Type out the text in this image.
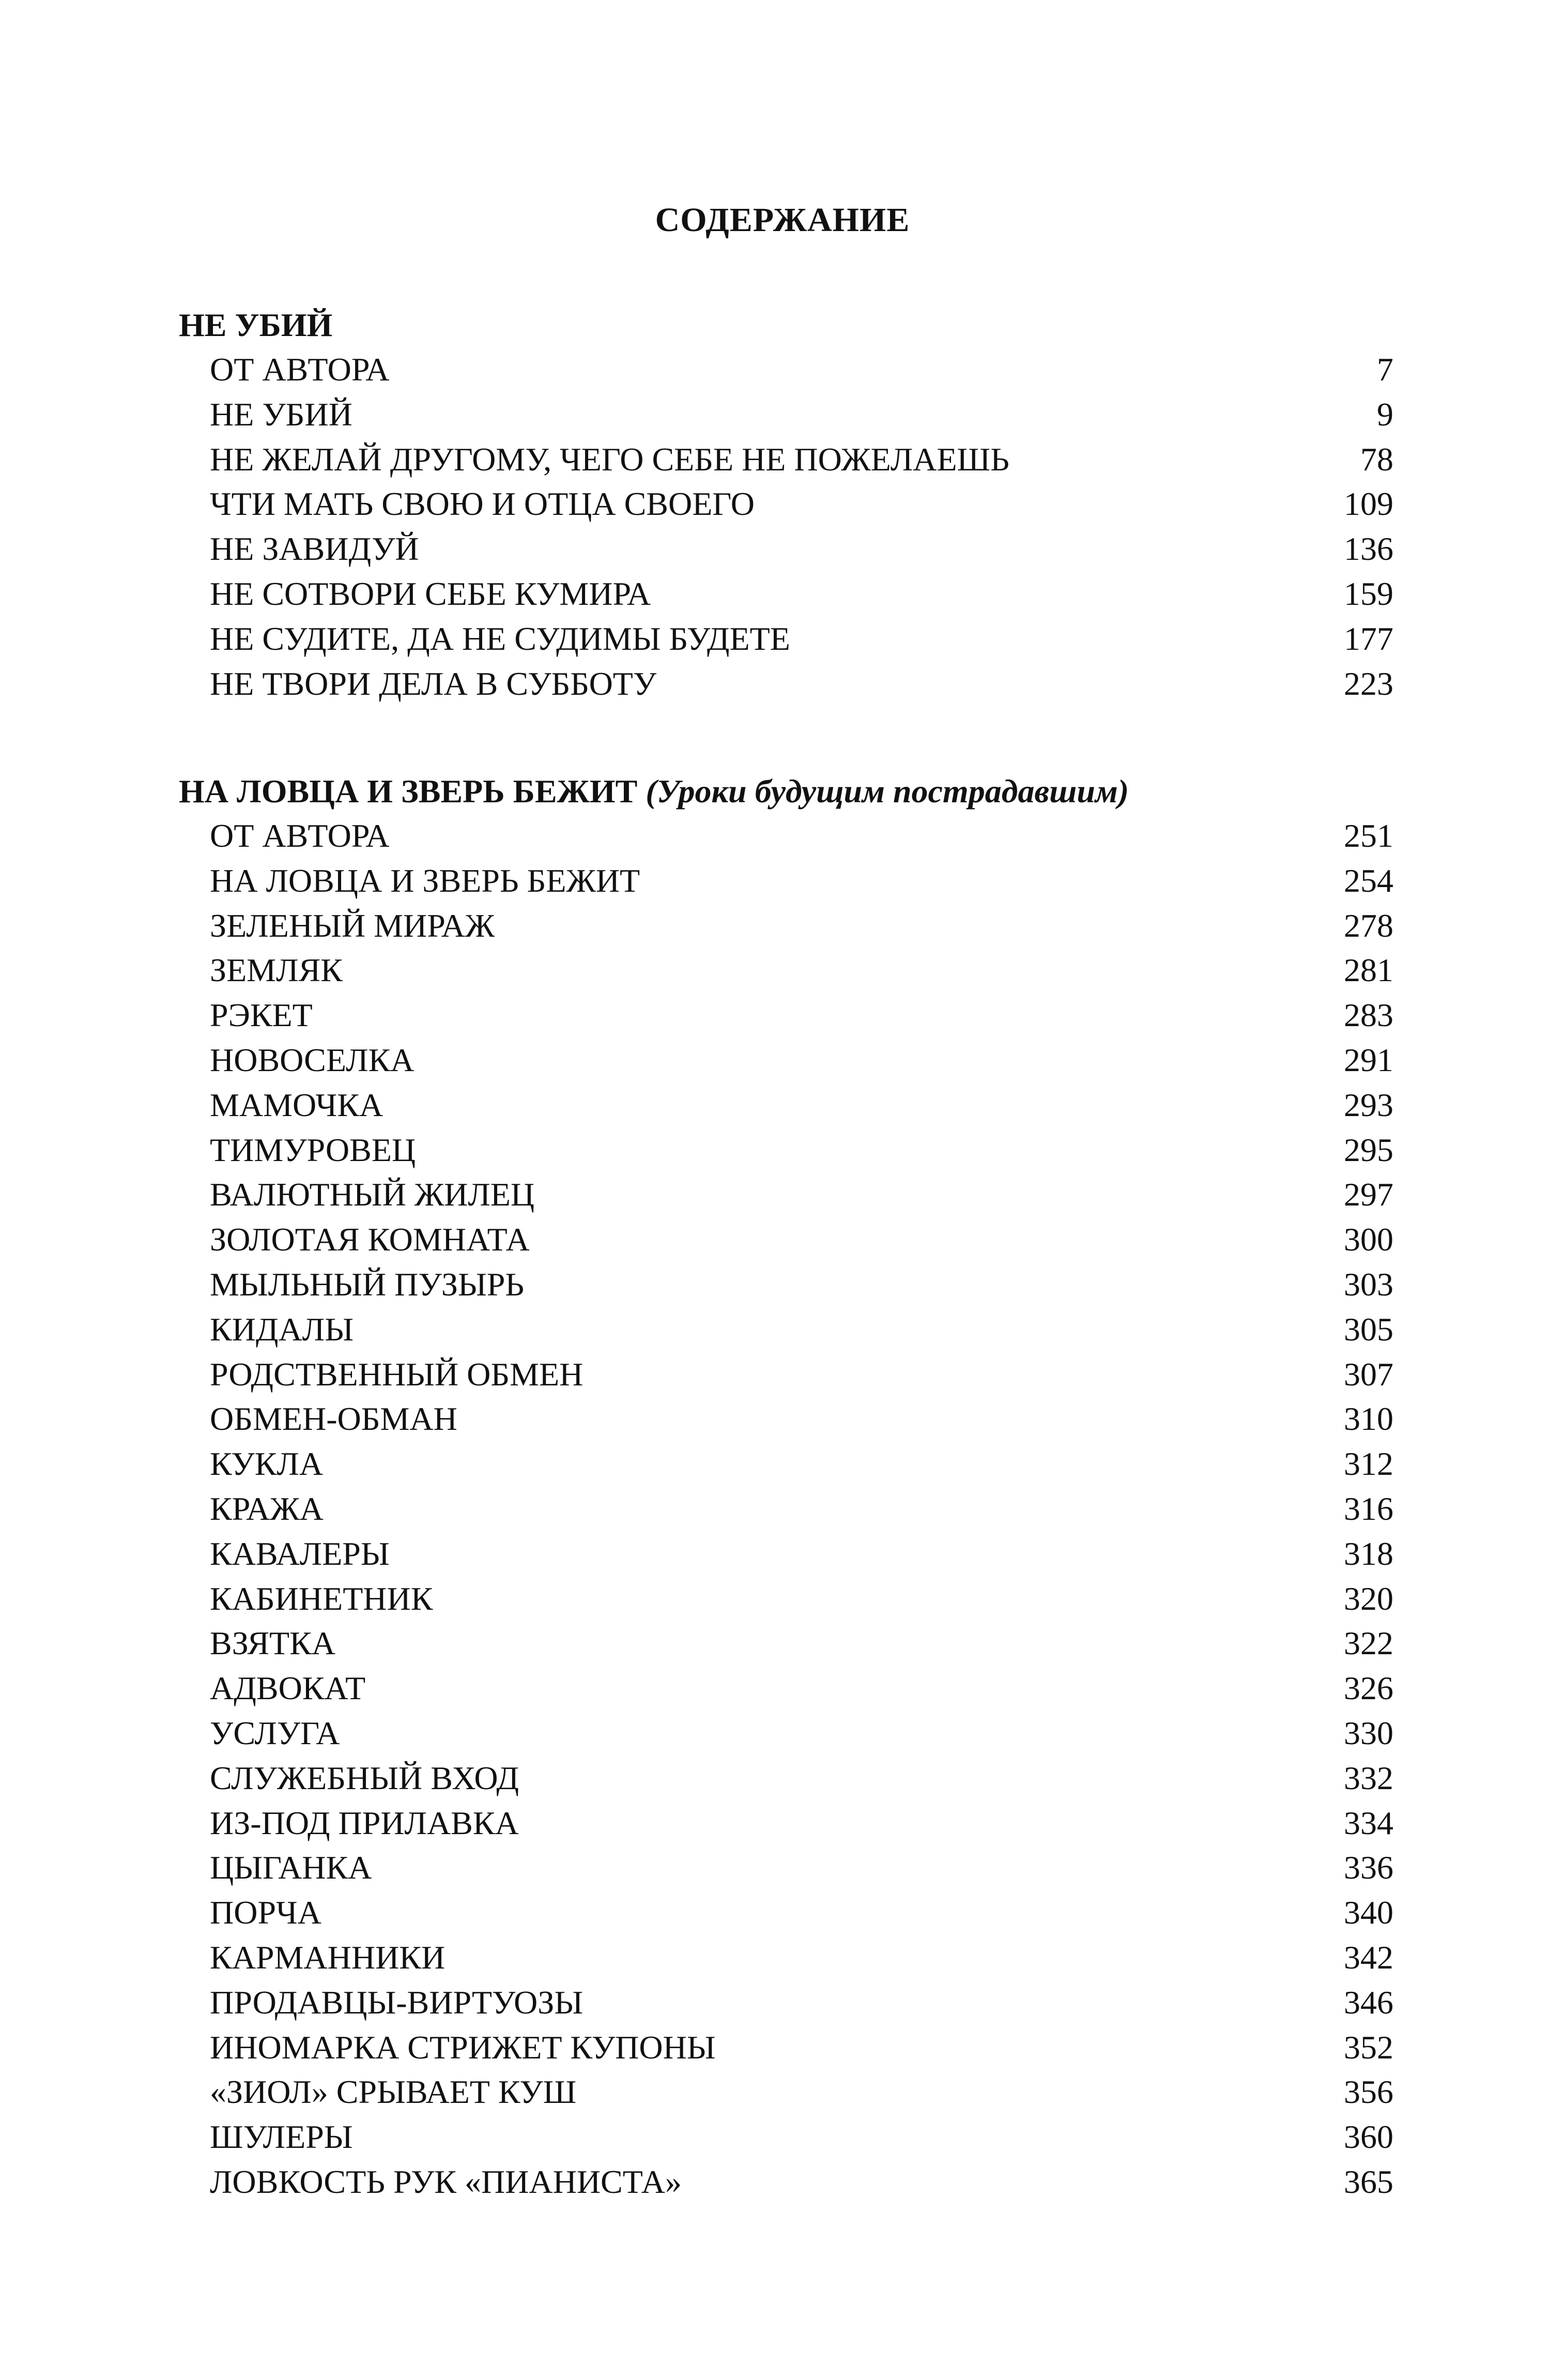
СОДЕРЖАНИЕ
НЕ УБИЙ
ОТ АВТОРА	7
НЕ УБИЙ	9
НЕ ЖЕЛАЙ ДРУГОМУ, ЧЕГО СЕБЕ НЕ ПОЖЕЛАЕШЬ	78
ЧТИ МАТЬ СВОЮ И ОТЦА СВОЕГО	109
НЕ ЗАВИДУЙ	136
НЕ СОТВОРИ СЕБЕ КУМИРА	159
НЕ СУДИТЕ, ДА НЕ СУДИМЫ БУДЕТЕ	177
НЕ ТВОРИ ДЕЛА В СУББОТУ	223
НА ЛОВЦА И ЗВЕРЬ БЕЖИТ (Уроки будущим пострадавшим)
ОТ АВТОРА	251
НА ЛОВЦА И ЗВЕРЬ БЕЖИТ	254
ЗЕЛЕНЫЙ МИРАЖ	278
ЗЕМЛЯК	281
РЭКЕТ	283
НОВОСЕЛКА	291
МАМОЧКА	293
ТИМУРОВЕЦ	295
ВАЛЮТНЫЙ ЖИЛЕЦ	297
ЗОЛОТАЯ КОМНАТА	300
МЫЛЬНЫЙ ПУЗЫРЬ	303
КИДАЛЫ	305
РОДСТВЕННЫЙ ОБМЕН	307
ОБМЕН-ОБМАН	310
КУКЛА	312
КРАЖА	316
КАВАЛЕРЫ	318
КАБИНЕТНИК	320
ВЗЯТКА	322
АДВОКАТ	326
УСЛУГА	330
СЛУЖЕБНЫЙ ВХОД	332
ИЗ-ПОД ПРИЛАВКА	334
ЦЫГАНКА	336
ПОРЧА	340
КАРМАННИКИ	342
ПРОДАВЦЫ-ВИРТУОЗЫ	346
ИНОМАРКА СТРИЖЕТ КУПОНЫ	352
«ЗИОЛ» СРЫВАЕТ КУШ	356
ШУЛЕРЫ	360
ЛОВКОСТЬ РУК «ПИАНИСТА»	365
